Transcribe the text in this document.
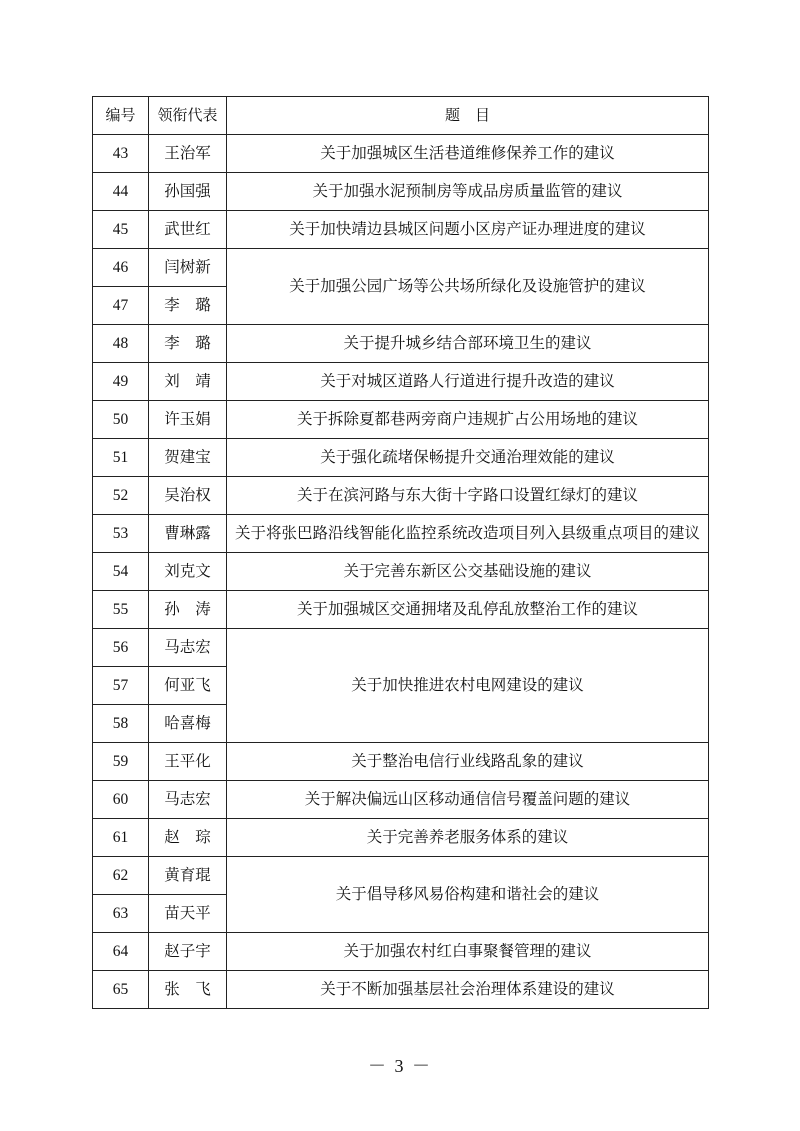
编号	领衔代表	题　目
43	王治军	关于加强城区生活巷道维修保养工作的建议
44	孙国强	关于加强水泥预制房等成品房质量监管的建议
45	武世红	关于加快靖边县城区问题小区房产证办理进度的建议
46	闫树新	关于加强公园广场等公共场所绿化及设施管护的建议
47	李　璐	
48	李　璐	关于提升城乡结合部环境卫生的建议
49	刘　靖	关于对城区道路人行道进行提升改造的建议
50	许玉娟	关于拆除夏都巷两旁商户违规扩占公用场地的建议
51	贺建宝	关于强化疏堵保畅提升交通治理效能的建议
52	吴治权	关于在滨河路与东大街十字路口设置红绿灯的建议
53	曹琳露	关于将张巴路沿线智能化监控系统改造项目列入县级重点项目的建议
54	刘克文	关于完善东新区公交基础设施的建议
55	孙　涛	关于加强城区交通拥堵及乱停乱放整治工作的建议
56	马志宏	关于加快推进农村电网建设的建议
57	何亚飞	
58	哈喜梅	
59	王平化	关于整治电信行业线路乱象的建议
60	马志宏	关于解决偏远山区移动通信信号覆盖问题的建议
61	赵　琮	关于完善养老服务体系的建议
62	黄育琨	关于倡导移风易俗构建和谐社会的建议
63	苗天平	
64	赵子宇	关于加强农村红白事聚餐管理的建议
65	张　飞	关于不断加强基层社会治理体系建设的建议
－ 3 －
